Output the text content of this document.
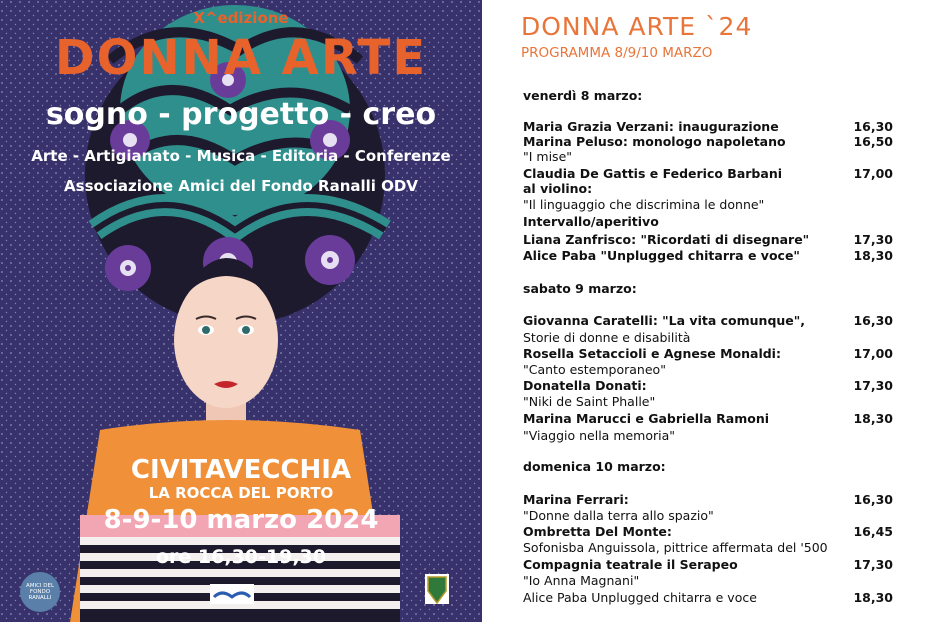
X^edizione
DONNA ARTE
sogno - progetto - creo
Arte - Artigianato - Musica - Editoria - Conferenze
Associazione Amici del Fondo Ranalli ODV
CIVITAVECCHIA
LA ROCCA DEL PORTO
8-9-10 marzo 2024
ore 16,30-19,30
AMICI DEL FONDO RANALLI
DONNA ARTE `24
PROGRAMMA 8/9/10 MARZO
venerdì 8 marzo:
Maria Grazia Verzani: inaugurazione	16,30
Marina Peluso: monologo napoletano	16,50
"I mise"
Claudia De Gattis e Federico Barbani	17,00
al violino:
"Il linguaggio che discrimina le donne"
Intervallo/aperitivo
Liana Zanfrisco: "Ricordati di disegnare"	17,30
Alice Paba "Unplugged chitarra e voce"	18,30
sabato 9 marzo:
Giovanna Caratelli: "La vita comunque",	16,30
Storie di donne e disabilità
Rosella Setaccioli e Agnese Monaldi:	17,00
"Canto estemporaneo"
Donatella Donati:	17,30
"Niki de Saint Phalle"
Marina Marucci e Gabriella Ramoni	18,30
"Viaggio nella memoria"
domenica 10 marzo:
Marina Ferrari:	16,30
"Donne dalla terra allo spazio"
Ombretta Del Monte:	16,45
Sofonisba Anguissola, pittrice affermata del '500
Compagnia teatrale il Serapeo	17,30
"Io Anna Magnani"
Alice Paba Unplugged chitarra e voce	18,30
